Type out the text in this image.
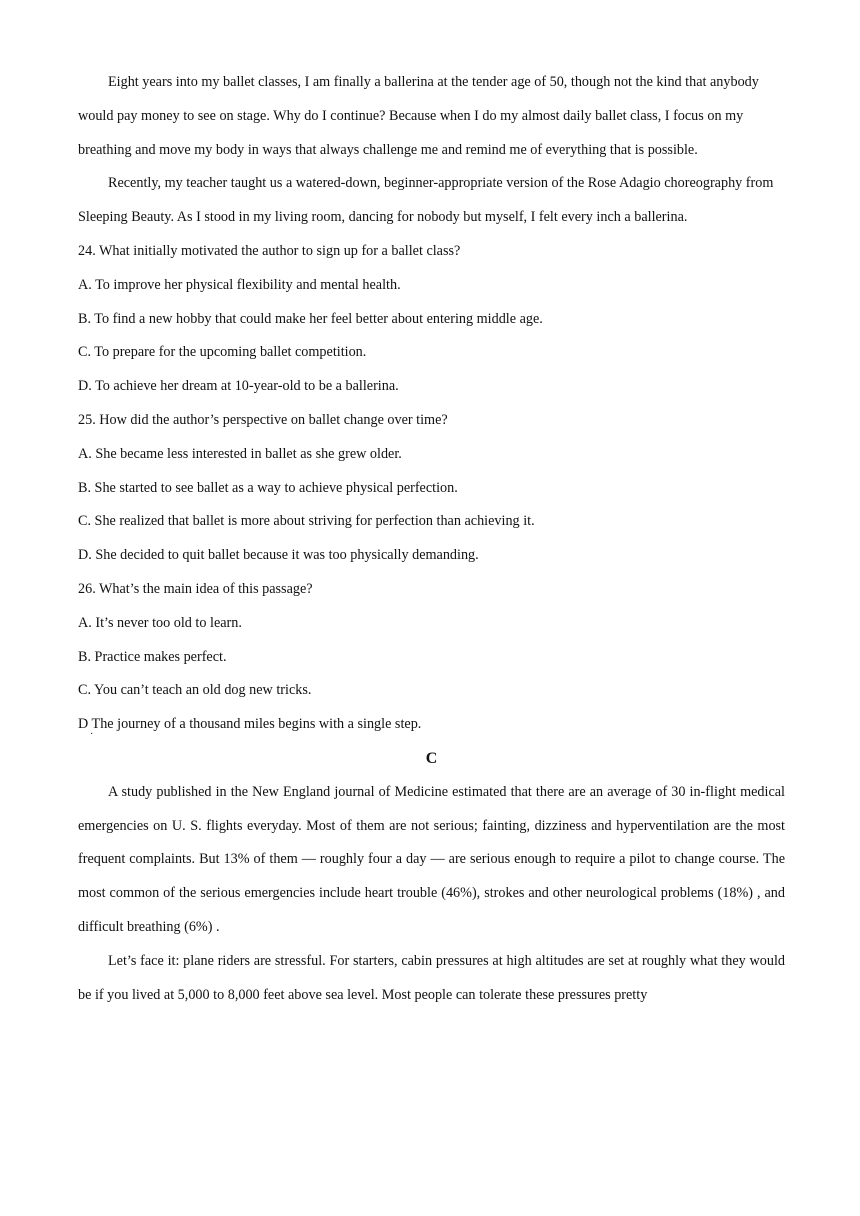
Eight years into my ballet classes, I am finally a ballerina at the tender age of 50, though not the kind that anybody would pay money to see on stage. Why do I continue? Because when I do my almost daily ballet class, I focus on my breathing and move my body in ways that always challenge me and remind me of everything that is possible.

Recently, my teacher taught us a watered-down, beginner-appropriate version of the Rose Adagio choreography from Sleeping Beauty. As I stood in my living room, dancing for nobody but myself, I felt every inch a ballerina.

24. What initially motivated the author to sign up for a ballet class?

A. To improve her physical flexibility and mental health.

B. To find a new hobby that could make her feel better about entering middle age.

C. To prepare for the upcoming ballet competition.

D. To achieve her dream at 10-year-old to be a ballerina.

25. How did the author’s perspective on ballet change over time?

A. She became less interested in ballet as she grew older.

B. She started to see ballet as a way to achieve physical perfection.

C. She realized that ballet is more about striving for perfection than achieving it.

D. She decided to quit ballet because it was too physically demanding.

26. What’s the main idea of this passage?

A. It’s never too old to learn.

B. Practice makes perfect.

C. You can’t teach an old dog new tricks.

D The journey of a thousand miles begins with a single step.
·

C

A study published in the New England journal of Medicine estimated that there are an average of 30 in-flight medical emergencies on U. S. flights everyday. Most of them are not serious; fainting, dizziness and hyperventilation are the most frequent complaints. But 13% of them — roughly four a day — are serious enough to require a pilot to change course. The most common of the serious emergencies include heart trouble (46%), strokes and other neurological problems (18%) , and difficult breathing (6%) .

Let’s face it: plane riders are stressful. For starters, cabin pressures at high altitudes are set at roughly what they would be if you lived at 5,000 to 8,000 feet above sea level. Most people can tolerate these pressures pretty
